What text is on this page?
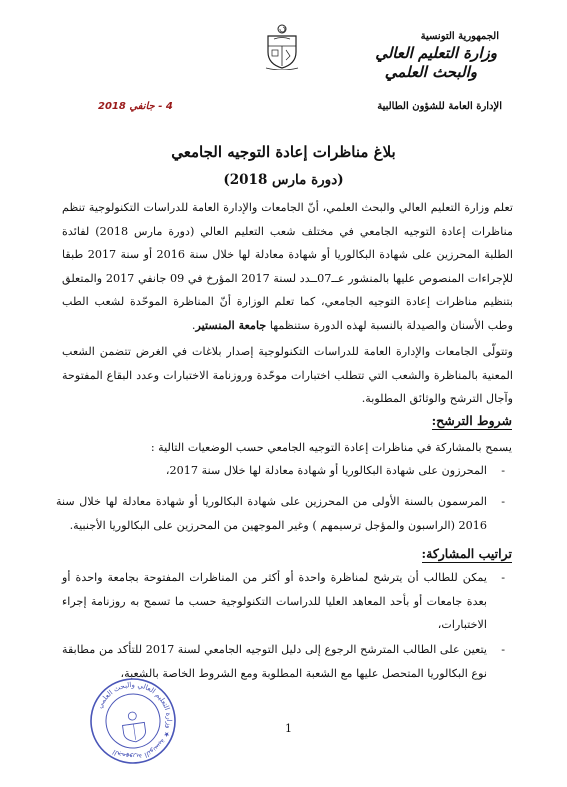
الجمهورية التونسية
وزارة التعليم العالي
والبحث العلمي
الإدارة العامة للشؤون الطالبية
4 - جانفي 2018
بلاغ مناظرات إعادة التوجيه الجامعي
(دورة مارس 2018)
تعلم وزارة التعليم العالي والبحث العلمي، أنّ الجامعات والإدارة العامة للدراسات التكنولوجية تنظم مناظرات إعادة التوجيه الجامعي في مختلف شعب التعليم العالي (دورة مارس 2018) لفائدة الطلبة المحرزين على شهادة البكالوريا أو شهادة معادلة لها خلال سنة 2016 أو سنة 2017 طبقا للإجراءات المنصوص عليها بالمنشور عــ07ــدد لسنة 2017 المؤرخ في 09 جانفي 2017 والمتعلق بتنظيم مناظرات إعادة التوجيه الجامعي، كما تعلم الوزارة أنّ المناظرة الموحّدة لشعب الطب وطب الأسنان والصيدلة بالنسبة لهذه الدورة ستنظمها جامعة المنستير.
وتتولّى الجامعات والإدارة العامة للدراسات التكنولوجية إصدار بلاغات في الغرض تتضمن الشعب المعنية بالمناظرة والشعب التي تتطلب اختبارات موحّدة وروزنامة الاختبارات وعدد البقاع المفتوحة وآجال الترشح والوثائق المطلوبة.
شروط الترشح:
يسمح بالمشاركة في مناظرات إعادة التوجيه الجامعي حسب الوضعيات التالية :
-
المحرزون على شهادة البكالوريا أو شهادة معادلة لها خلال سنة 2017،
-
المرسمون بالسنة الأولى من المحرزين على شهادة البكالوريا أو شهادة معادلة لها خلال سنة 2016 (الراسبون والمؤجل ترسيمهم ) وغير الموجهين من المحرزين على البكالوريا الأجنبية.
تراتيب المشاركة:
-
يمكن للطالب أن يترشح لمناظرة واحدة أو أكثر من المناظرات المفتوحة بجامعة واحدة أو بعدة جامعات أو بأحد المعاهد العليا للدراسات التكنولوجية حسب ما تسمح به روزنامة إجراء الاختبارات،
-
يتعين على الطالب المترشح الرجوع إلى دليل التوجيه الجامعي لسنة 2017 للتأكد من مطابقة نوع البكالوريا المتحصل عليها مع الشعبة المطلوبة ومع الشروط الخاصة بالشعبة،
الجمهورية التونسية ★ وزارة التعليم العالي والبحث العلمي
1
